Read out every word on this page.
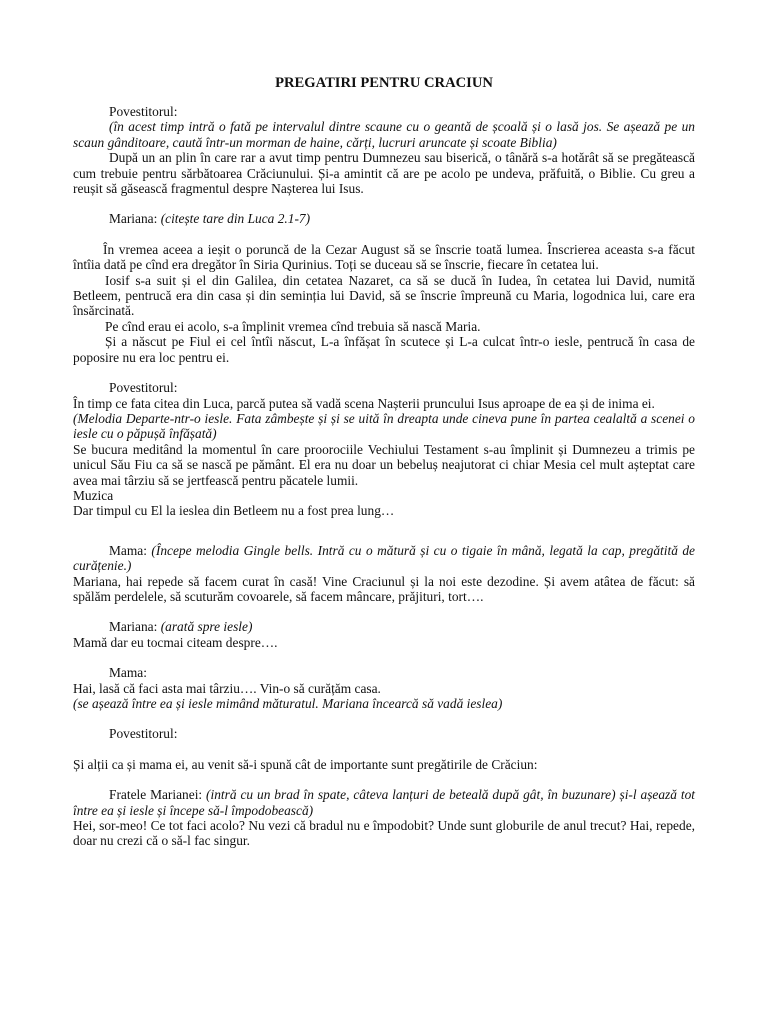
PREGATIRI PENTRU CRACIUN

Povestitorul:

(în acest timp intră o fată pe intervalul dintre scaune cu o geantă de școală și o lasă jos. Se așează pe un scaun gânditoare, caută într-un morman de haine, cărți, lucruri aruncate și scoate Biblia)

După un an plin în care rar a avut timp pentru Dumnezeu sau biserică, o tânără s-a hotărât să se pregătească cum trebuie pentru sărbătoarea Crăciunului. Și-a amintit că are pe acolo pe undeva, prăfuită, o Biblie. Cu greu a reușit să găsească fragmentul despre Nașterea lui Isus.

Mariana: (citește tare din Luca 2.1-7)

În vremea aceea a ieșit o poruncă de la Cezar August să se înscrie toată lumea. Înscrierea aceasta s-a făcut întîia dată pe cînd era dregător în Siria Qurinius. Toți se duceau să se înscrie, fiecare în cetatea lui.

Iosif s-a suit și el din Galilea, din cetatea Nazaret, ca să se ducă în Iudea, în cetatea lui David, numită Betleem, pentrucă era din casa și din seminția lui David, să se înscrie împreună cu Maria, logodnica lui, care era însărcinată.

Pe cînd erau ei acolo, s-a împlinit vremea cînd trebuia să nască Maria.

Și a născut pe Fiul ei cel întîi născut, L-a înfășat în scutece și L-a culcat într-o iesle, pentrucă în casa de poposire nu era loc pentru ei.

Povestitorul:

În timp ce fata citea din Luca, parcă putea să vadă scena Nașterii pruncului Isus aproape de ea și de inima ei.

(Melodia Departe-ntr-o iesle. Fata zâmbește și și se uită în dreapta unde cineva pune în partea cealaltă a scenei o iesle cu o păpușă înfășată)

Se bucura meditând la momentul în care proorociile Vechiului Testament s-au împlinit și Dumnezeu a trimis pe unicul Său Fiu ca să se nască pe pământ. El era nu doar un bebeluș neajutorat ci chiar Mesia cel mult așteptat care avea mai târziu să se jertfească pentru păcatele lumii.

Muzica

Dar timpul cu El la ieslea din Betleem nu a fost prea lung…

Mama: (Începe melodia Gingle bells. Intră cu o mătură și cu o tigaie în mână, legată la cap, pregătită de curățenie.)

Mariana, hai repede să facem curat în casă! Vine Craciunul și la noi este dezodine. Și avem atâtea de făcut: să spălăm perdelele, să scuturăm covoarele, să facem mâncare, prăjituri, tort….

Mariana: (arată spre iesle)

Mamă dar eu tocmai citeam despre….

Mama:

Hai, lasă că faci asta mai târziu…. Vin-o să curățăm casa.

(se așează între ea și iesle mimând măturatul. Mariana încearcă să vadă ieslea)

Povestitorul:

Și alții ca și mama ei, au venit să-i spună cât de importante sunt pregătirile de Crăciun:

Fratele Marianei: (intră cu un brad în spate, câteva lanțuri de beteală după gât, în buzunare) și-l așează tot între ea și iesle și începe să-l împodobească)

Hei, sor-meo! Ce tot faci acolo? Nu vezi că bradul nu e împodobit? Unde sunt globurile de anul trecut? Hai, repede, doar nu crezi că o să-l fac singur.
